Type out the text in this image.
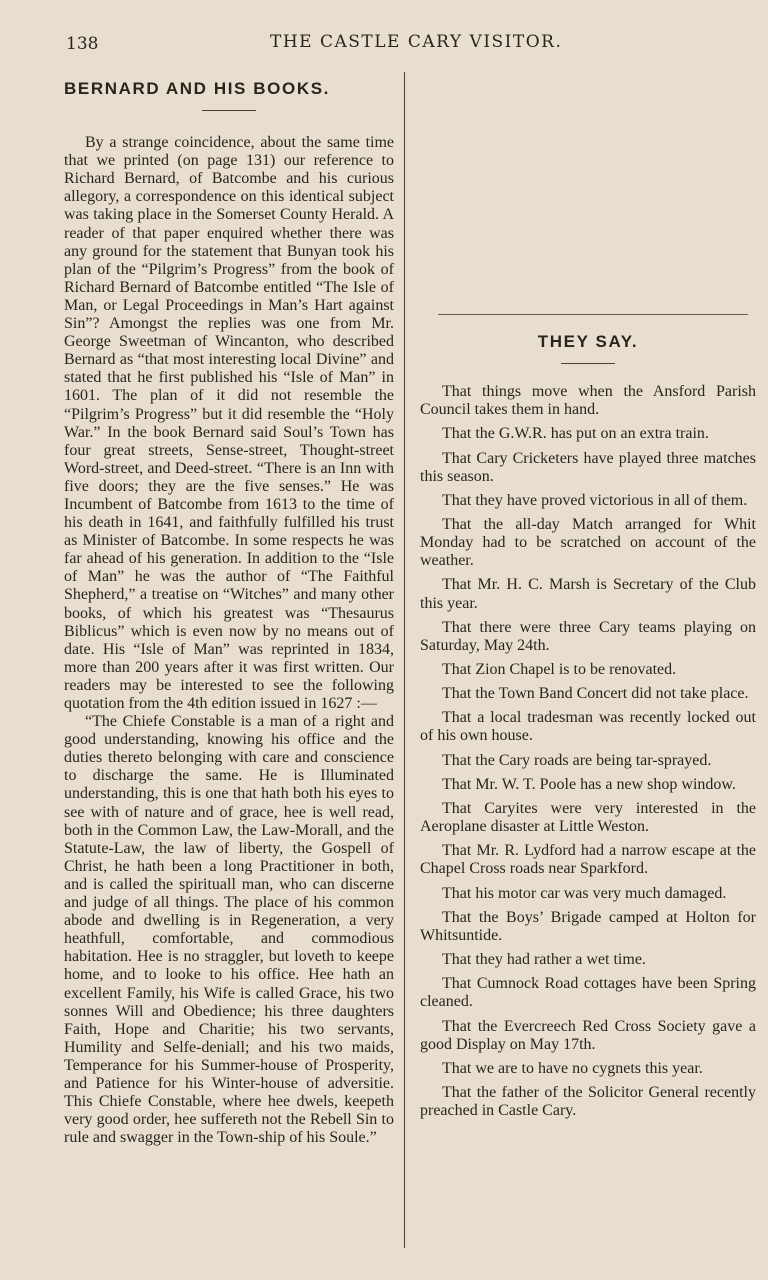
138	THE CASTLE CARY VISITOR.
BERNARD AND HIS BOOKS.

By a strange coincidence, about the same time that we printed (on page 131) our reference to Richard Bernard, of Batcombe and his curious allegory, a correspondence on this identical subject was taking place in the Somerset County Herald. A reader of that paper enquired whether there was any ground for the statement that Bunyan took his plan of the “Pilgrim’s Progress” from the book of Richard Bernard of Batcombe entitled “The Isle of Man, or Legal Proceedings in Man’s Hart against Sin”? Amongst the replies was one from Mr. George Sweetman of Wincanton, who described Bernard as “that most interesting local Divine” and stated that he first published his “Isle of Man” in 1601. The plan of it did not resemble the “Pilgrim’s Progress” but it did resemble the “Holy War.” In the book Bernard said Soul’s Town has four great streets, Sense-street, Thought-street Word-street, and Deed-street. “There is an Inn with five doors; they are the five senses.” He was Incumbent of Batcombe from 1613 to the time of his death in 1641, and faithfully fulfilled his trust as Minister of Batcombe. In some respects he was far ahead of his generation. In addition to the “Isle of Man” he was the author of “The Faithful Shepherd,” a treatise on “Witches” and many other books, of which his greatest was “Thesaurus Biblicus” which is even now by no means out of date. His “Isle of Man” was reprinted in 1834, more than 200 years after it was first written. Our readers may be interested to see the following quotation from the 4th edition issued in 1627 :—

“The Chiefe Constable is a man of a right and good understanding, knowing his office and the duties thereto belonging with care and conscience to discharge the same. He is Illuminated understanding, this is one that hath both his eyes to see with of nature and of grace, hee is well read, both in the Common Law, the Law-Morall, and the Statute-Law, the law of liberty, the Gospell of Christ, he hath been a long Practitioner in both, and is called the spirituall man, who can discerne and judge of all things. The place of his common abode and dwelling is in Regeneration, a very heathfull, comfortable, and commodious habitation. Hee is no straggler, but loveth to keepe home, and to looke to his office. Hee hath an excellent Family, his Wife is called Grace, his two sonnes Will and Obedience; his three daughters Faith, Hope and Charitie; his two servants, Humility and Selfe-deniall; and his two maids, Temperance for his Summer-house of Prosperity, and Patience for his Winter-house of adversitie. This Chiefe Constable, where hee dwels, keepeth very good order, hee suffereth not the Rebell Sin to rule and swagger in the Town-ship of his Soule.”

THEY SAY.

That things move when the Ansford Parish Council takes them in hand.

That the G.W.R. has put on an extra train.

That Cary Cricketers have played three matches this season.

That they have proved victorious in all of them.

That the all-day Match arranged for Whit Monday had to be scratched on account of the weather.

That Mr. H. C. Marsh is Secretary of the Club this year.

That there were three Cary teams playing on Saturday, May 24th.

That Zion Chapel is to be renovated.

That the Town Band Concert did not take place.

That a local tradesman was recently locked out of his own house.

That the Cary roads are being tar-sprayed.

That Mr. W. T. Poole has a new shop window.

That Caryites were very interested in the Aeroplane disaster at Little Weston.

That Mr. R. Lydford had a narrow escape at the Chapel Cross roads near Sparkford.

That his motor car was very much damaged.

That the Boys’ Brigade camped at Holton for Whitsuntide.

That they had rather a wet time.

That Cumnock Road cottages have been Spring cleaned.

That the Evercreech Red Cross Society gave a good Display on May 17th.

That we are to have no cygnets this year.

That the father of the Solicitor General recently preached in Castle Cary.
